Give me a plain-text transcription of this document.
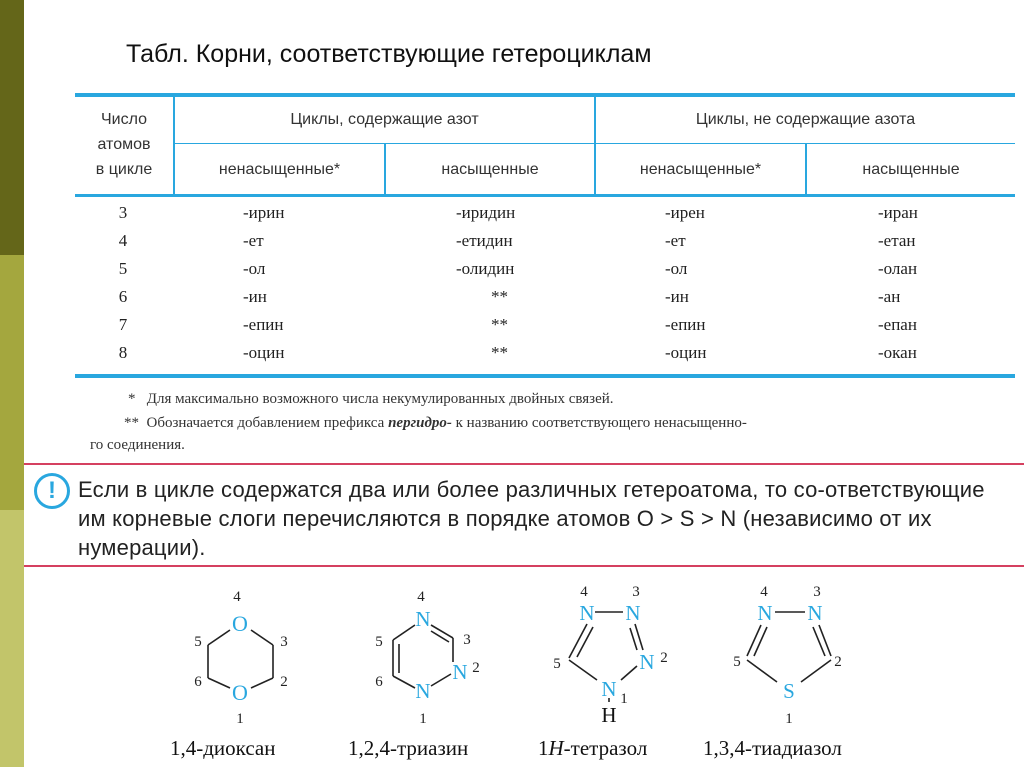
Табл. Корни, соответствующие гетероциклам
Число
атомов
в цикле
Циклы, содержащие азот	Циклы, не содержащие азота
ненасыщенные*	насыщенные	ненасыщенные*	насыщенные
3	-ирин	-иридин	-ирен	-иран
4	-ет	-етидин	-ет	-етан
5	-ол	-олидин	-ол	-олан
6	-ин	**	-ин	-ан
7	-епин	**	-епин	-епан
8	-оцин	**	-оцин	-окан
* Для максимально возможного числа некумулированных двойных связей.
** Обозначается добавлением префикса пергидро- к названию соответствующего ненасыщенно-
го соединения.
!	Если в цикле содержатся два или более различных гетероатома, то со-ответствующие им корневые слоги перечисляются в порядке атомов O > S > N (независимо от их нумерации).
O
O
4
5
6
3
2
1
1,4-диоксан
N
N
N
4
5
6
3
2
1
1,2,4-триазин
N N
N
N
H
4	3
5	2
1
1H-тетразол
N N
S
4	3
5	2
1
1,3,4-тиадиазол
